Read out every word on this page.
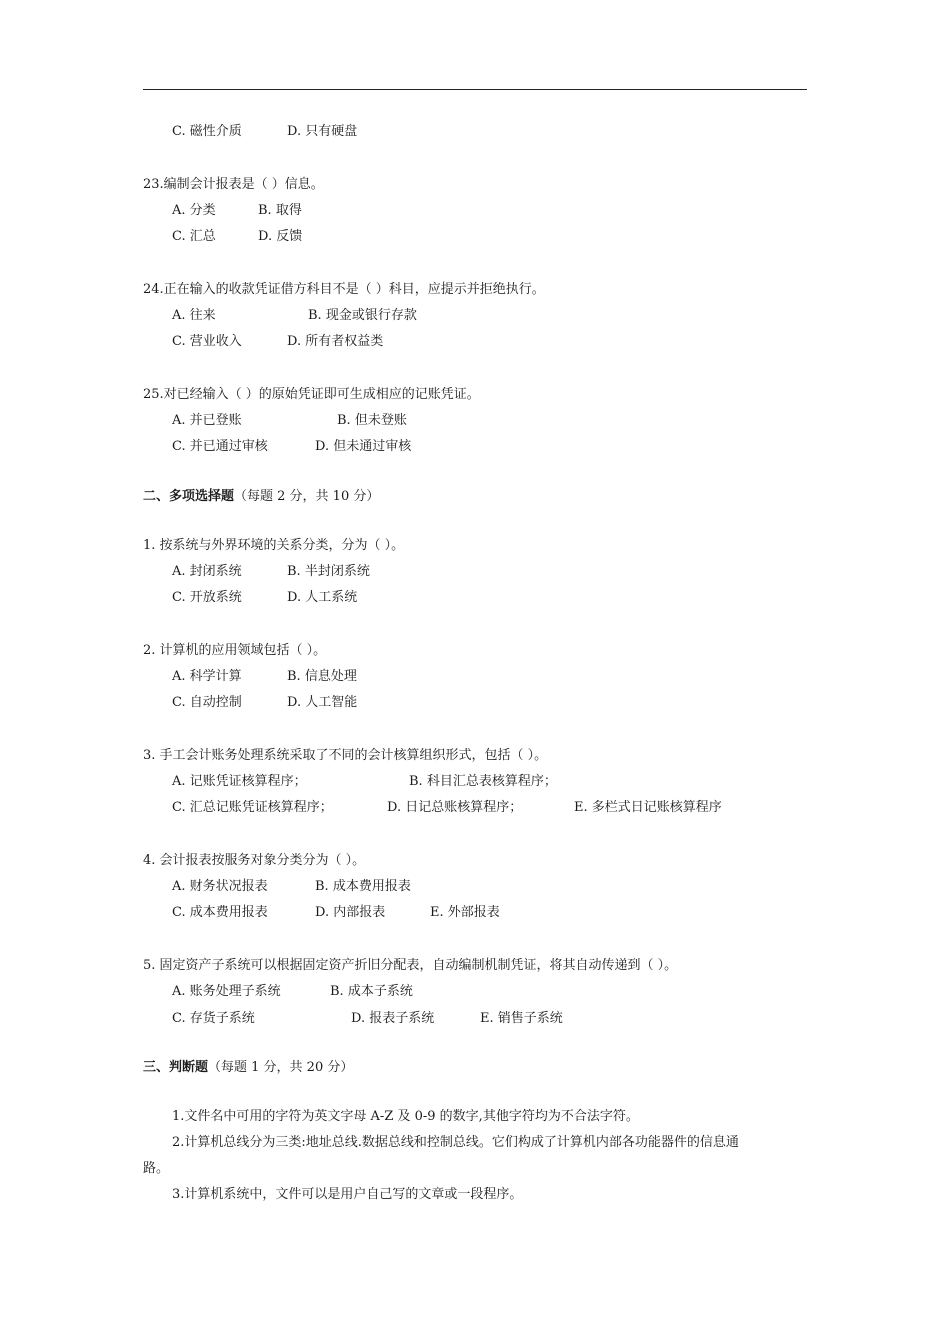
C. 磁性介质	D. 只有硬盘
23.编制会计报表是（ ）信息。
A. 分类	B. 取得
C. 汇总	D. 反馈
24.正在输入的收款凭证借方科目不是（ ）科目，应提示并拒绝执行。
A. 往来	B. 现金或银行存款
C. 营业收入	D. 所有者权益类
25.对已经输入（ ）的原始凭证即可生成相应的记账凭证。
A. 并已登账	B. 但未登账
C. 并已通过审核	D. 但未通过审核
二、多项选择题（每题 2 分，共 10 分）
1. 按系统与外界环境的关系分类，分为（ ）。
A. 封闭系统	B. 半封闭系统
C. 开放系统	D. 人工系统
2. 计算机的应用领域包括（ ）。
A. 科学计算	B. 信息处理
C. 自动控制	D. 人工智能
3. 手工会计账务处理系统采取了不同的会计核算组织形式，包括（ ）。
A. 记账凭证核算程序；	B. 科目汇总表核算程序；
C. 汇总记账凭证核算程序；	D. 日记总账核算程序；	E. 多栏式日记账核算程序
4. 会计报表按服务对象分类分为（ ）。
A. 财务状况报表	B. 成本费用报表
C. 成本费用报表	D. 内部报表	E. 外部报表
5. 固定资产子系统可以根据固定资产折旧分配表，自动编制机制凭证，将其自动传递到（ ）。
A. 账务处理子系统	B. 成本子系统
C. 存货子系统	D. 报表子系统	E. 销售子系统
三、判断题（每题 1 分，共 20 分）
1.文件名中可用的字符为英文字母 A-Z 及 0-9 的数字,其他字符均为不合法字符。
2.计算机总线分为三类:地址总线.数据总线和控制总线。它们构成了计算机内部各功能器件的信息通
路。
3.计算机系统中，文件可以是用户自己写的文章或一段程序。
